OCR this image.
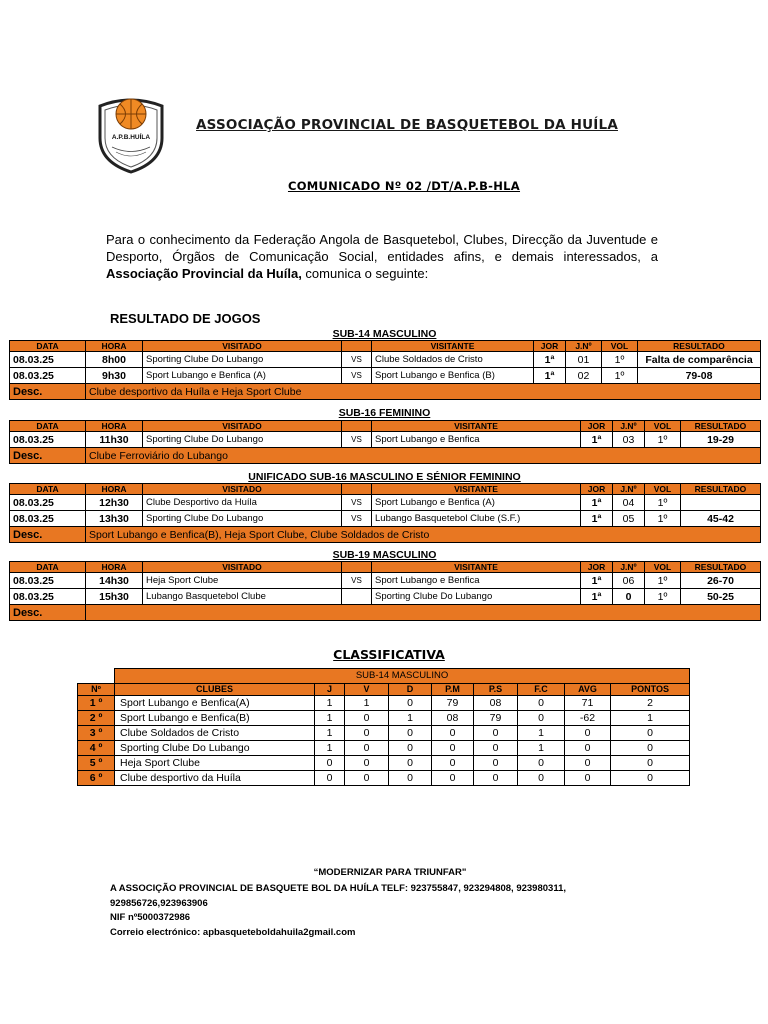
A.P.B.HUÍLA
ASSOCIAÇÃO PROVINCIAL DE BASQUETEBOL DA HUÍLA
COMUNICADO Nº 02 /DT/A.P.B-HLA
Para o conhecimento da Federação Angola de Basquetebol, Clubes, Direcção da Juventude e Desporto, Órgãos de Comunicação Social, entidades afins, e demais interessados, a Associação Provincial da Huíla, comunica o seguinte:
RESULTADO DE JOGOS
SUB-14 MASCULINO
DATA	HORA	VISITADO		VISITANTE	JOR	J.Nº	VOL	RESULTADO
08.03.25	8h00	Sporting Clube Do Lubango	VS	Clube Soldados de Cristo	1ª	01	1º	Falta de comparência
08.03.25	9h30	Sport Lubango e Benfica (A)	VS	Sport Lubango e Benfica (B)	1ª	02	1º	79-08
Desc.	Clube desportivo da Huíla e Heja Sport Clube							
SUB-16 FEMININO
DATA	HORA	VISITADO		VISITANTE	JOR	J.Nº	VOL	RESULTADO
08.03.25	11h30	Sporting Clube Do Lubango	VS	Sport Lubango e Benfica	1ª	03	1º	19-29
Desc.	Clube Ferroviário do Lubango							
UNIFICADO SUB-16 MASCULINO E SÉNIOR FEMININO
DATA	HORA	VISITADO		VISITANTE	JOR	J.Nº	VOL	RESULTADO
08.03.25	12h30	Clube Desportivo da Huíla	VS	Sport Lubango e Benfica (A)	1ª	04	1º	
08.03.25	13h30	Sporting Clube Do Lubango	VS	Lubango Basquetebol Clube (S.F.)	1ª	05	1º	45-42
Desc.	Sport Lubango e Benfica(B), Heja Sport Clube, Clube Soldados de Cristo							
SUB-19 MASCULINO
DATA	HORA	VISITADO		VISITANTE	JOR	J.Nº	VOL	RESULTADO
08.03.25	14h30	Heja Sport Clube	VS	Sport Lubango e Benfica	1ª	06	1º	26-70
08.03.25	15h30	Lubango Basquetebol Clube		Sporting Clube Do Lubango	1ª	0	1º	50-25
Desc.								
CLASSIFICATIVA
	SUB-14 MASCULINO								
Nº	CLUBES	J	V	D	P.M	P.S	F.C	AVG	PONTOS
1 º	Sport Lubango e Benfica(A)	1	1	0	79	08	0	71	2
2 º	Sport Lubango e Benfica(B)	1	0	1	08	79	0	-62	1
3 º	Clube Soldados de Cristo	1	0	0	0	0	1	0	0
4 º	Sporting Clube Do Lubango	1	0	0	0	0	1	0	0
5 º	Heja Sport Clube	0	0	0	0	0	0	0	0
6 º	Clube desportivo da Huíla	0	0	0	0	0	0	0	0
“MODERNIZAR PARA TRIUNFAR"
A ASSOCIÇÃO PROVINCIAL DE BASQUETE BOL DA HUÍLA TELF: 923755847, 923294808, 923980311,
929856726,923963906
NIF nº5000372986
Correio electrónico: apbasqueteboldahuila2gmail.com
